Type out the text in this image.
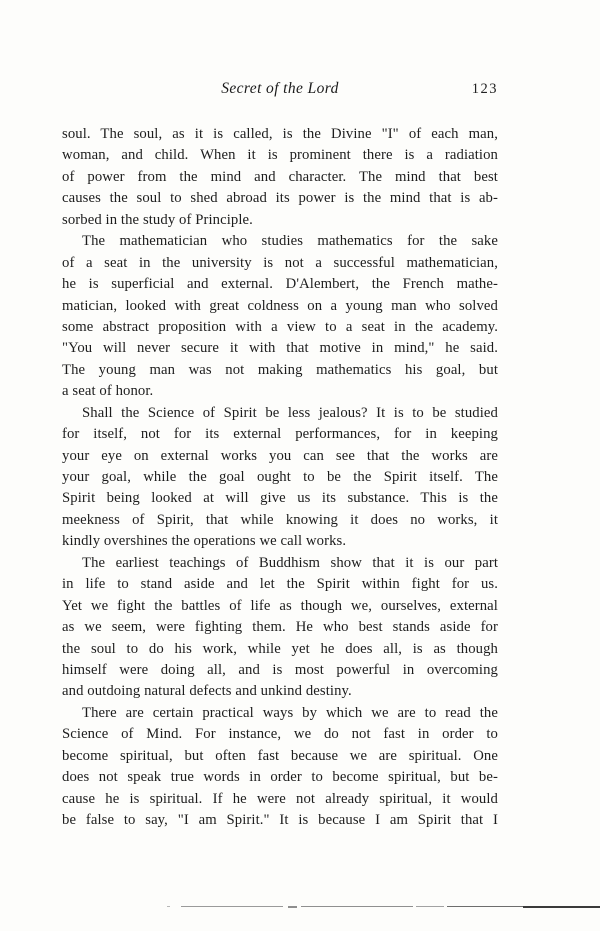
Secret of the Lord	123
soul. The soul, as it is called, is the Divine "I" of each man,
woman, and child. When it is prominent there is a radiation
of power from the mind and character. The mind that best
causes the soul to shed abroad its power is the mind that is ab-
sorbed in the study of Principle.
The mathematician who studies mathematics for the sake
of a seat in the university is not a successful mathematician,
he is superficial and external. D'Alembert, the French mathe-
matician, looked with great coldness on a young man who solved
some abstract proposition with a view to a seat in the academy.
"You will never secure it with that motive in mind," he said.
The young man was not making mathematics his goal, but
a seat of honor.
Shall the Science of Spirit be less jealous? It is to be studied
for itself, not for its external performances, for in keeping
your eye on external works you can see that the works are
your goal, while the goal ought to be the Spirit itself. The
Spirit being looked at will give us its substance. This is the
meekness of Spirit, that while knowing it does no works, it
kindly overshines the operations we call works.
The earliest teachings of Buddhism show that it is our part
in life to stand aside and let the Spirit within fight for us.
Yet we fight the battles of life as though we, ourselves, external
as we seem, were fighting them. He who best stands aside for
the soul to do his work, while yet he does all, is as though
himself were doing all, and is most powerful in overcoming
and outdoing natural defects and unkind destiny.
There are certain practical ways by which we are to read the
Science of Mind. For instance, we do not fast in order to
become spiritual, but often fast because we are spiritual. One
does not speak true words in order to become spiritual, but be-
cause he is spiritual. If he were not already spiritual, it would
be false to say, "I am Spirit." It is because I am Spirit that I
